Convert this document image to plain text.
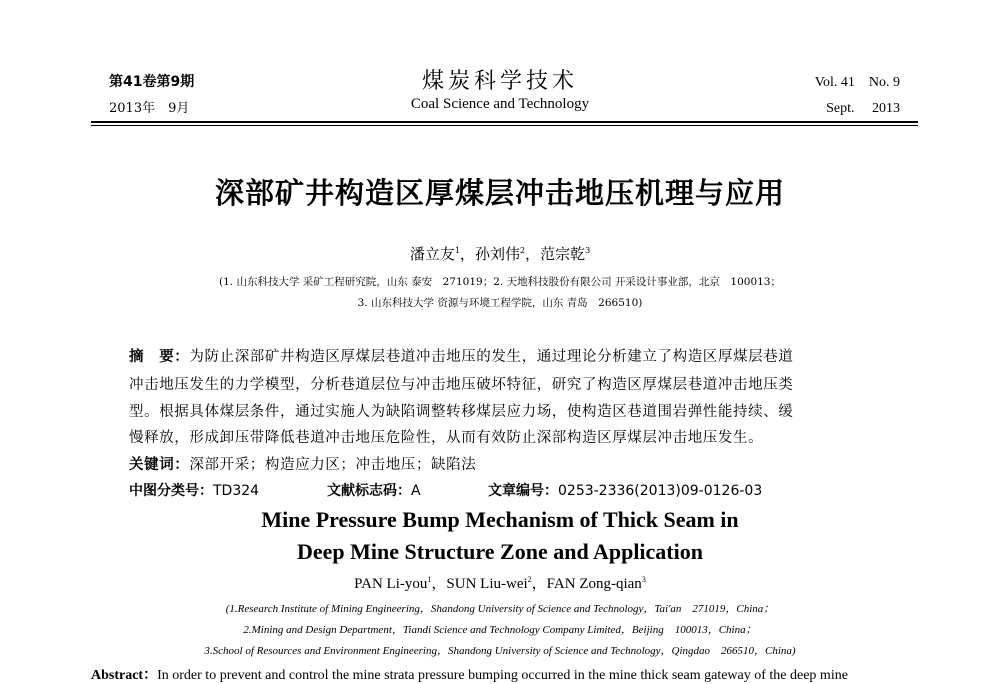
第41卷第9期
2013年　9月
煤炭科学技术
Coal Science and Technology
Vol. 41　No. 9
Sept.　 2013
深部矿井构造区厚煤层冲击地压机理与应用
潘立友$^1$，孙刘伟$^2$，范宗乾$^3$
(1. 山东科技大学 采矿工程研究院，山东 泰安　271019；2. 天地科技股份有限公司 开采设计事业部，北京　100013；
3. 山东科技大学 资源与环境工程学院，山东 青岛　266510)
摘　要：为防止深部矿井构造区厚煤层巷道冲击地压的发生，通过理论分析建立了构造区厚煤层巷道
冲击地压发生的力学模型，分析巷道层位与冲击地压破坏特征，研究了构造区厚煤层巷道冲击地压类
型。根据具体煤层条件，通过实施人为缺陷调整转移煤层应力场，使构造区巷道围岩弹性能持续、缓
慢释放，形成卸压带降低巷道冲击地压危险性，从而有效防止深部构造区厚煤层冲击地压发生。
关键词：深部开采；构造应力区；冲击地压；缺陷法
中图分类号：TD324	文献标志码：A	文章编号：0253-2336(2013)09-0126-03
Mine Pressure Bump Mechanism of Thick Seam in
Deep Mine Structure Zone and Application
PAN Li-you$^1$，SUN Liu-wei$^2$，FAN Zong-qian$^3$
(1.Research Institute of Mining Engineering，Shandong University of Science and Technology，Tai'an　271019，China；
2.Mining and Design Department，Tiandi Science and Technology Company Limited，Beijing　100013，China；
3.School of Resources and Environment Engineering，Shandong University of Science and Technology，Qingdao　266510，China)
Abstract：In order to prevent and control the mine strata pressure bumping occurred in the mine thick seam gateway of the deep mine
